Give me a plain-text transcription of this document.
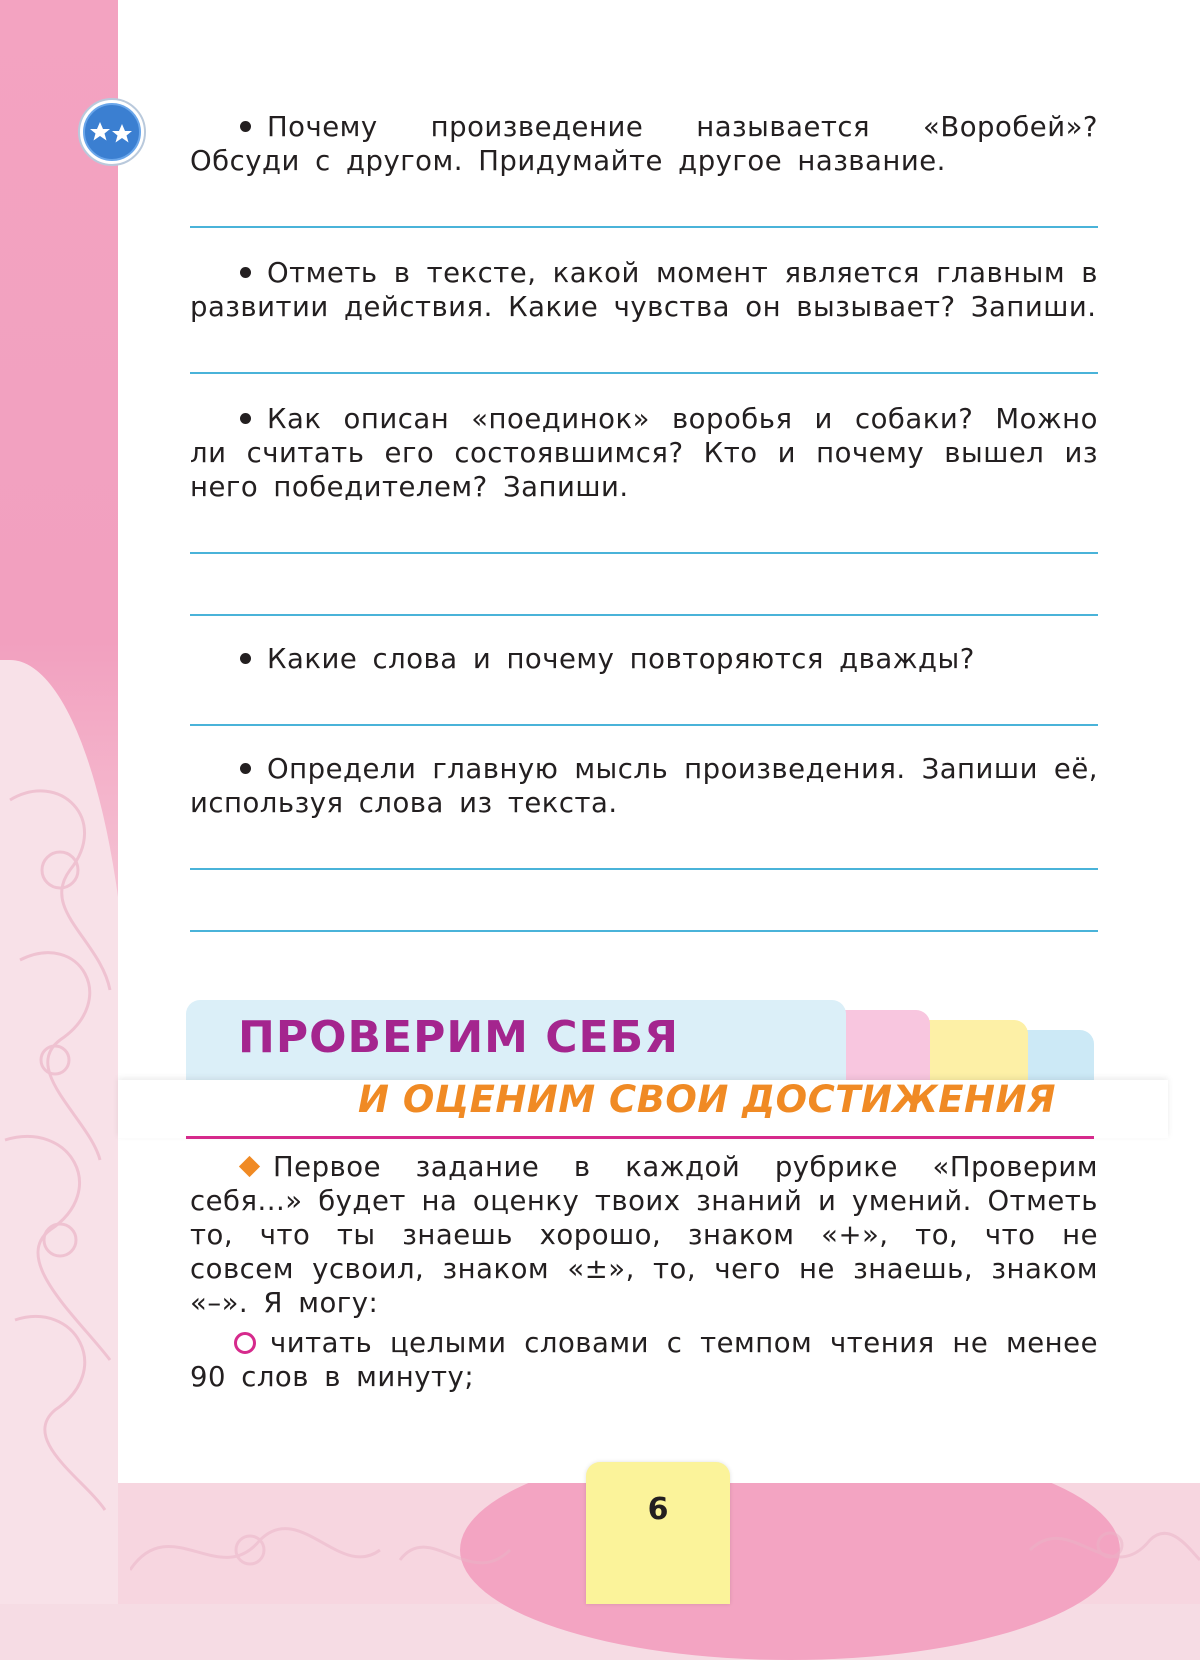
Почему произведение называется «Воробей»? Обсуди с другом. Придумайте другое название.
Отметь в тексте, какой момент является главным в развитии действия. Какие чувства он вызывает? Запиши.
Как описан «поединок» воробья и собаки? Можно ли считать его состоявшимся? Кто и почему вышел из него победителем? Запиши.
Какие слова и почему повторяются дважды?
Определи главную мысль произведения. Запиши её, используя слова из текста.
ПРОВЕРИМ СЕБЯ
И ОЦЕНИМ СВОИ ДОСТИЖЕНИЯ
Первое задание в каждой рубрике «Проверим себя...» будет на оценку твоих знаний и умений. Отметь то, что ты знаешь хорошо, знаком «+», то, что не совсем усвоил, знаком «±», то, чего не знаешь, знаком «–». Я могу:
читать целыми словами с темпом чтения не менее 90 слов в минуту;
6
